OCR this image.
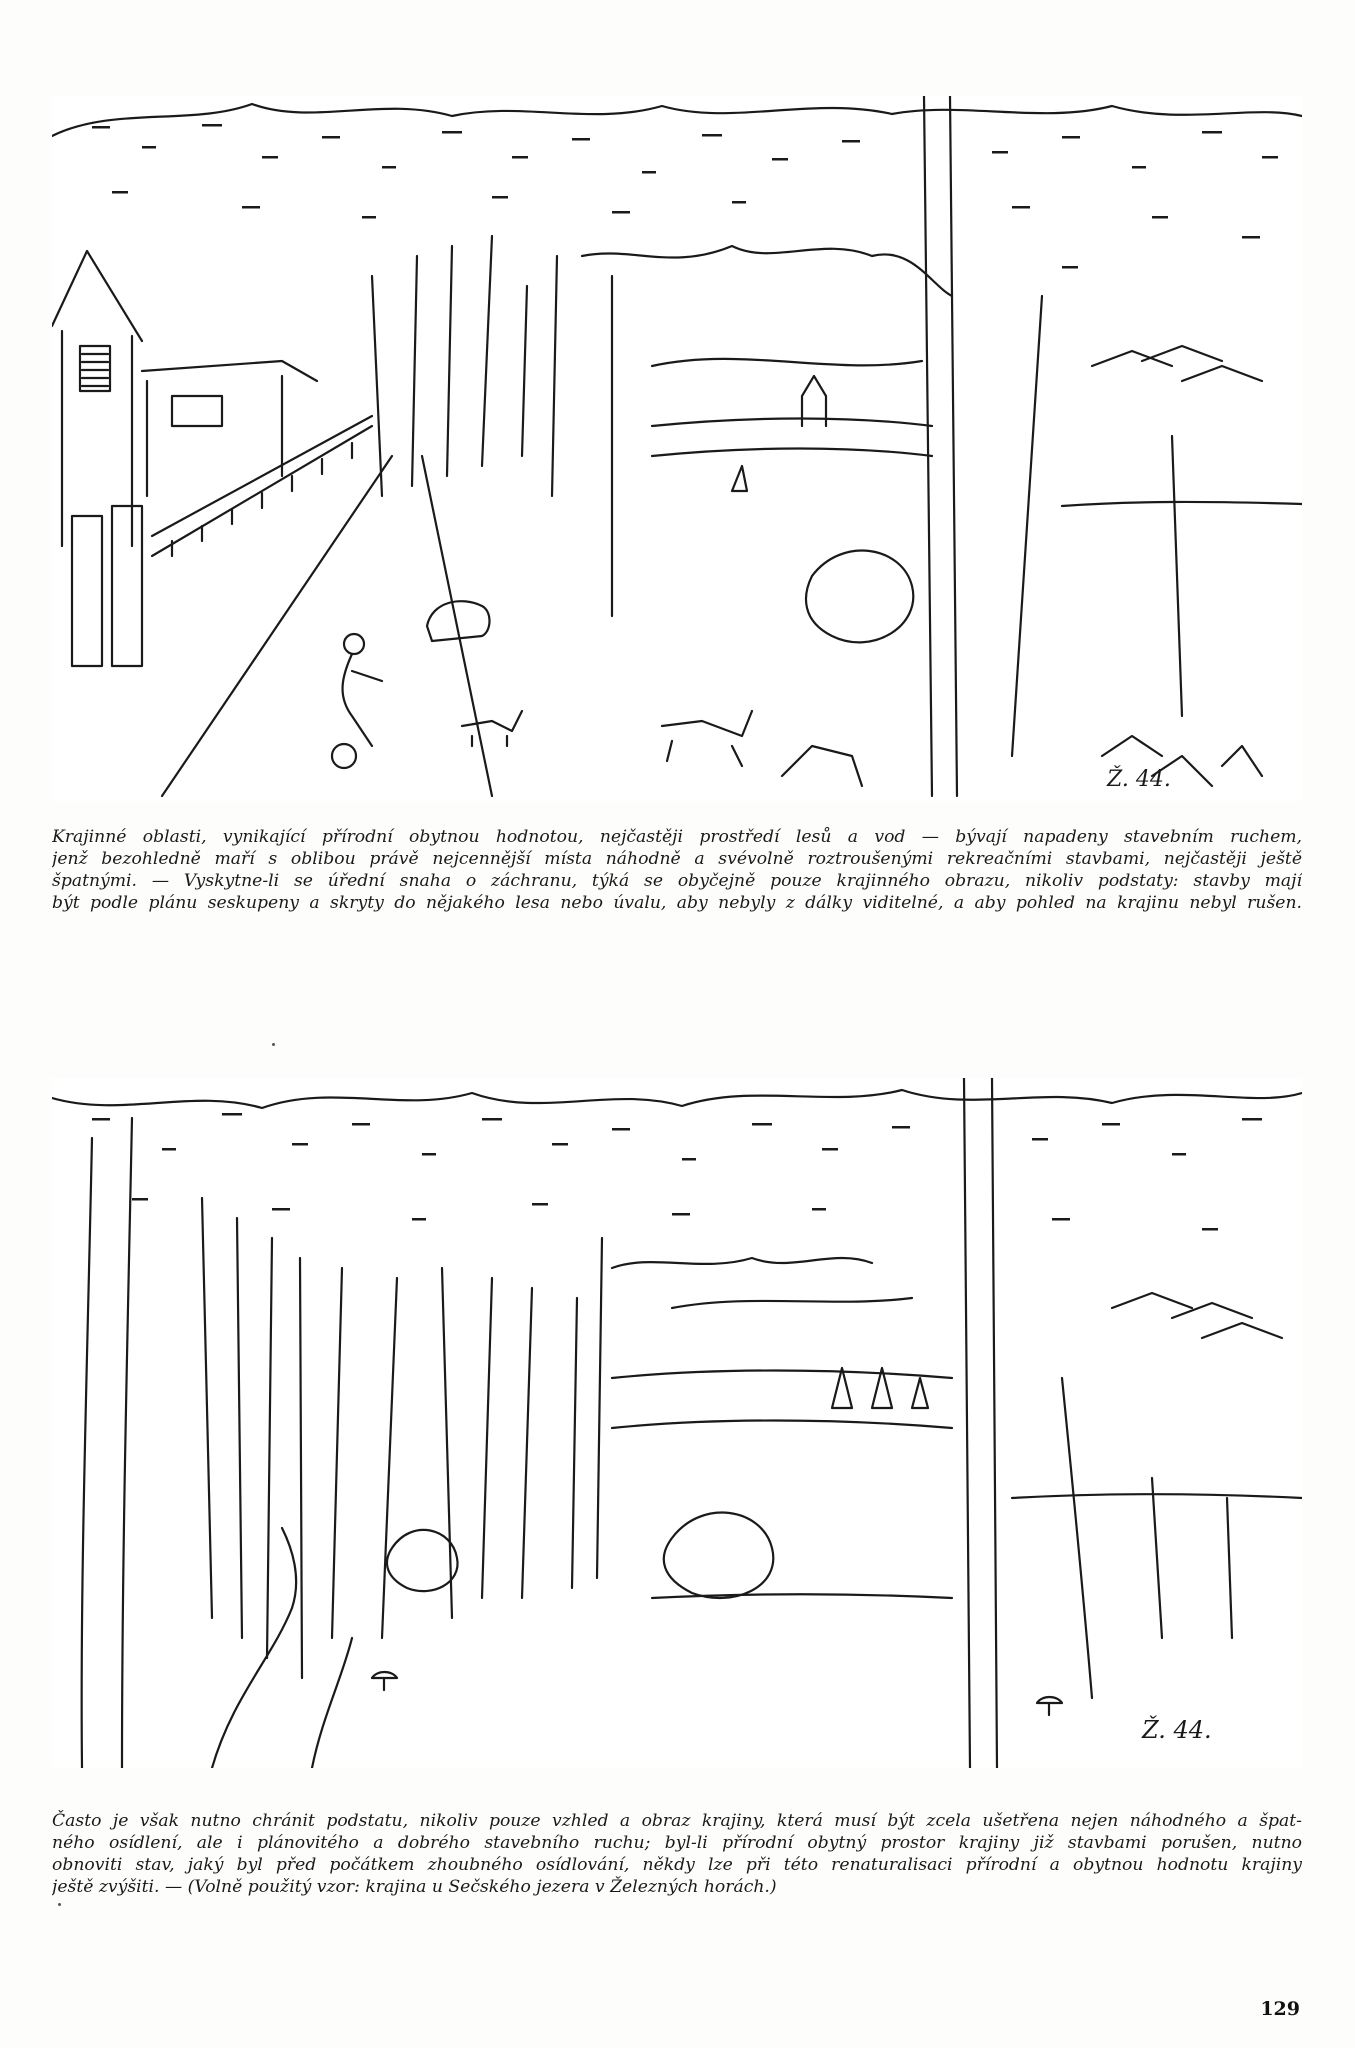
Ž. 44.
Krajinné oblasti, vynikající přírodní obytnou hodnotou, nejčastěji prostředí lesů a vod — bývají napadeny stavebním ruchem,
jenž bezohledně maří s oblibou právě nejcennější místa náhodně a svévolně roztroušenými rekreačními stavbami, nejčastěji ještě
špatnými. — Vyskytne-li se úřední snaha o záchranu, týká se obyčejně pouze krajinného obrazu, nikoliv podstaty: stavby mají
být podle plánu seskupeny a skryty do nějakého lesa nebo úvalu, aby nebyly z dálky viditelné, a aby pohled na krajinu nebyl rušen.
Ž. 44.
Často je však nutno chránit podstatu, nikoliv pouze vzhled a obraz krajiny, která musí být zcela ušetřena nejen náhodného a špat-
ného osídlení, ale i plánovitého a dobrého stavebního ruchu; byl-li přírodní obytný prostor krajiny již stavbami porušen, nutno
obnoviti stav, jaký byl před počátkem zhoubného osídlování, někdy lze při této renaturalisaci přírodní a obytnou hodnotu krajiny
ještě zvýšiti. — (Volně použitý vzor: krajina u Sečského jezera v Železných horách.)
129
